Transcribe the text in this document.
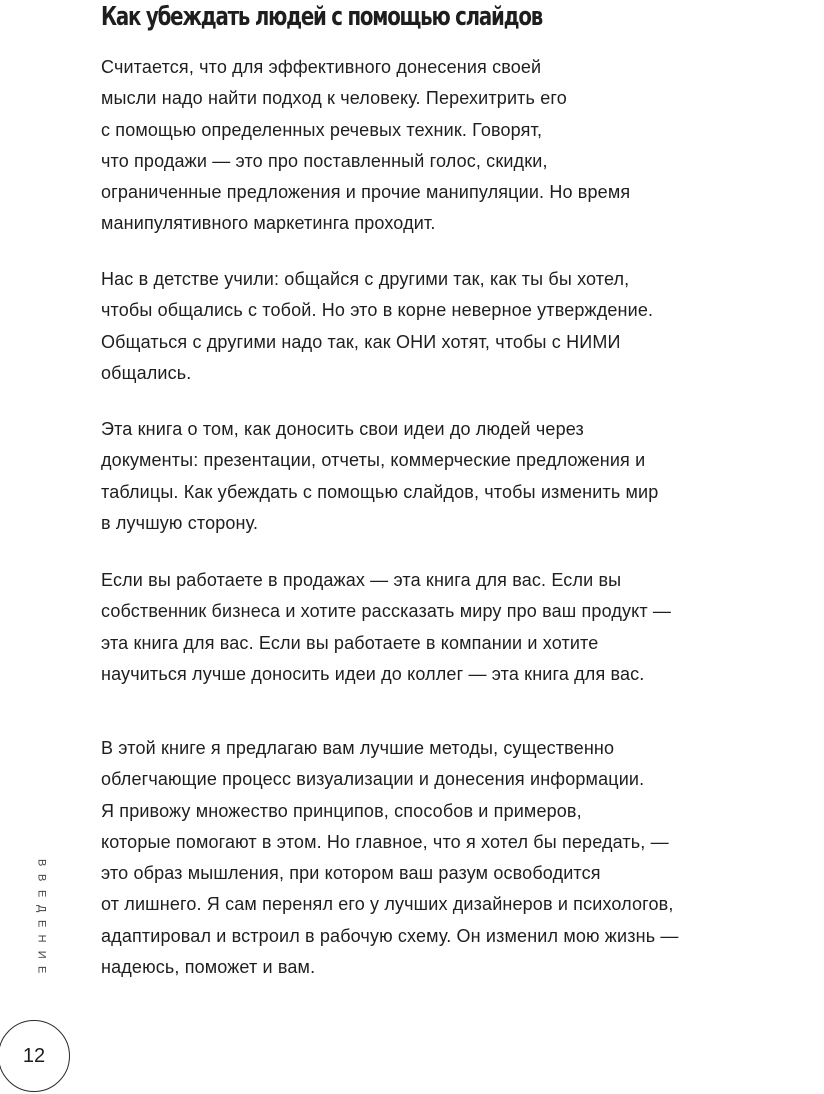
Как убеждать людей с помощью слайдов
Считается, что для эффективного донесения своей
мысли надо найти подход к человеку. Перехитрить его
с помощью определенных речевых техник. Говорят,
что продажи — это про поставленный голос, скидки,
ограниченные предложения и прочие манипуляции. Но время
манипулятивного маркетинга проходит.
Нас в детстве учили: общайся с другими так, как ты бы хотел,
чтобы общались с тобой. Но это в корне неверное утверждение.
Общаться с другими надо так, как ОНИ хотят, чтобы с НИМИ
общались.
Эта книга о том, как доносить свои идеи до людей через
документы: презентации, отчеты, коммерческие предложения и
таблицы. Как убеждать с помощью слайдов, чтобы изменить мир
в лучшую сторону.
Если вы работаете в продажах — эта книга для вас. Если вы
собственник бизнеса и хотите рассказать миру про ваш продукт —
эта книга для вас. Если вы работаете в компании и хотите
научиться лучше доносить идеи до коллег — эта книга для вас.
В этой книге я предлагаю вам лучшие методы, существенно
облегчающие процесс визуализации и донесения информации.
Я привожу множество принципов, способов и примеров,
которые помогают в этом. Но главное, что я хотел бы передать, —
это образ мышления, при котором ваш разум освободится
от лишнего. Я сам перенял его у лучших дизайнеров и психологов,
адаптировал и встроил в рабочую схему. Он изменил мою жизнь —
надеюсь, поможет и вам.
В
В
Е
Д
Е
Н
И
Е
12
